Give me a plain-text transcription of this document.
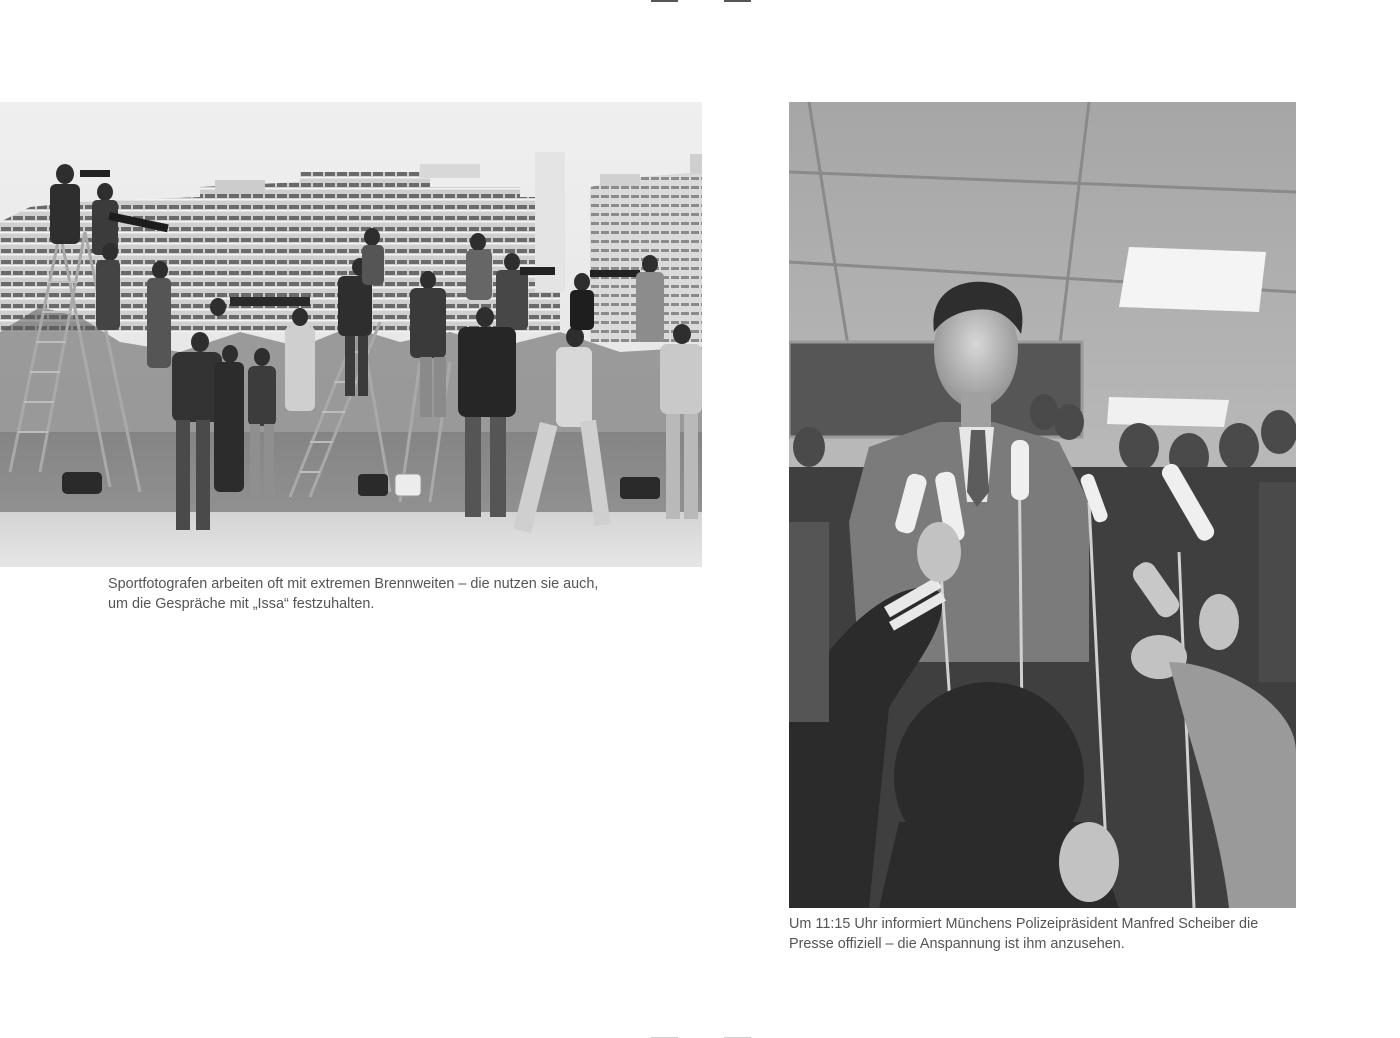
Sportfotografen arbeiten oft mit extremen Brennweiten – die nutzen sie auch,
um die Gespräche mit „Issa“ festzuhalten.

Um 11:15 Uhr informiert Münchens Polizeipräsident Manfred Scheiber die
Presse offiziell – die Anspannung ist ihm anzusehen.
